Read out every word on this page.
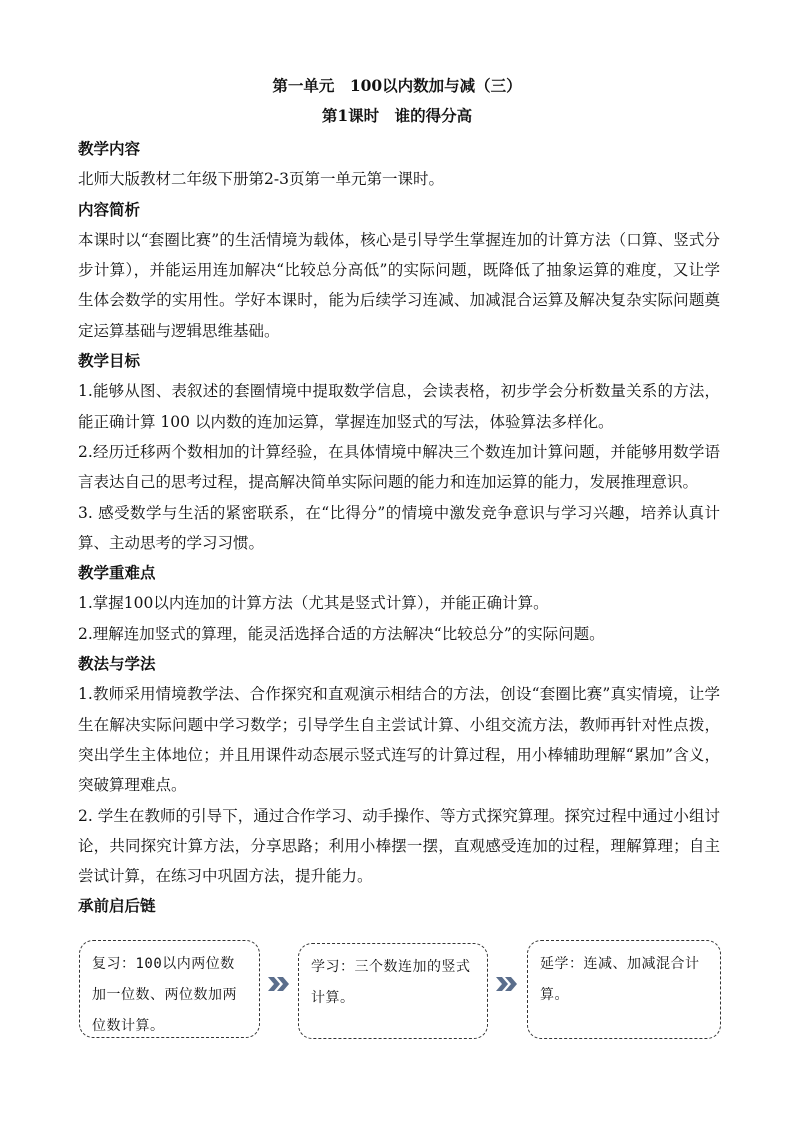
第一单元　100以内数加与减（三）
第1课时　谁的得分高
教学内容
北师大版教材二年级下册第2-3页第一单元第一课时。
内容简析
本课时以“套圈比赛”的生活情境为载体，核心是引导学生掌握连加的计算方法（口算、竖式分步计算），并能运用连加解决“比较总分高低”的实际问题，既降低了抽象运算的难度，又让学生体会数学的实用性。学好本课时，能为后续学习连减、加减混合运算及解决复杂实际问题奠定运算基础与逻辑思维基础。
教学目标
1.能够从图、表叙述的套圈情境中提取数学信息，会读表格，初步学会分析数量关系的方法，能正确计算 100 以内数的连加运算，掌握连加竖式的写法，体验算法多样化。
2.经历迁移两个数相加的计算经验，在具体情境中解决三个数连加计算问题，并能够用数学语言表达自己的思考过程，提高解决简单实际问题的能力和连加运算的能力，发展推理意识。
3. 感受数学与生活的紧密联系，在“比得分”的情境中激发竞争意识与学习兴趣，培养认真计算、主动思考的学习习惯。
教学重难点
1.掌握100以内连加的计算方法（尤其是竖式计算），并能正确计算。
2.理解连加竖式的算理，能灵活选择合适的方法解决“比较总分”的实际问题。
教法与学法
1.教师采用情境教学法、合作探究和直观演示相结合的方法，创设“套圈比赛”真实情境，让学生在解决实际问题中学习数学；引导学生自主尝试计算、小组交流方法，教师再针对性点拨，突出学生主体地位；并且用课件动态展示竖式连写的计算过程，用小棒辅助理解“累加”含义，突破算理难点。
2. 学生在教师的引导下，通过合作学习、动手操作、等方式探究算理。探究过程中通过小组讨论，共同探究计算方法，分享思路；利用小棒摆一摆，直观感受连加的过程，理解算理；自主尝试计算，在练习中巩固方法，提升能力。
承前启后链
复习：100以内两位数加一位数、两位数加两位数计算。
学习：三个数连加的竖式计算。
延学：连减、加减混合计算。
